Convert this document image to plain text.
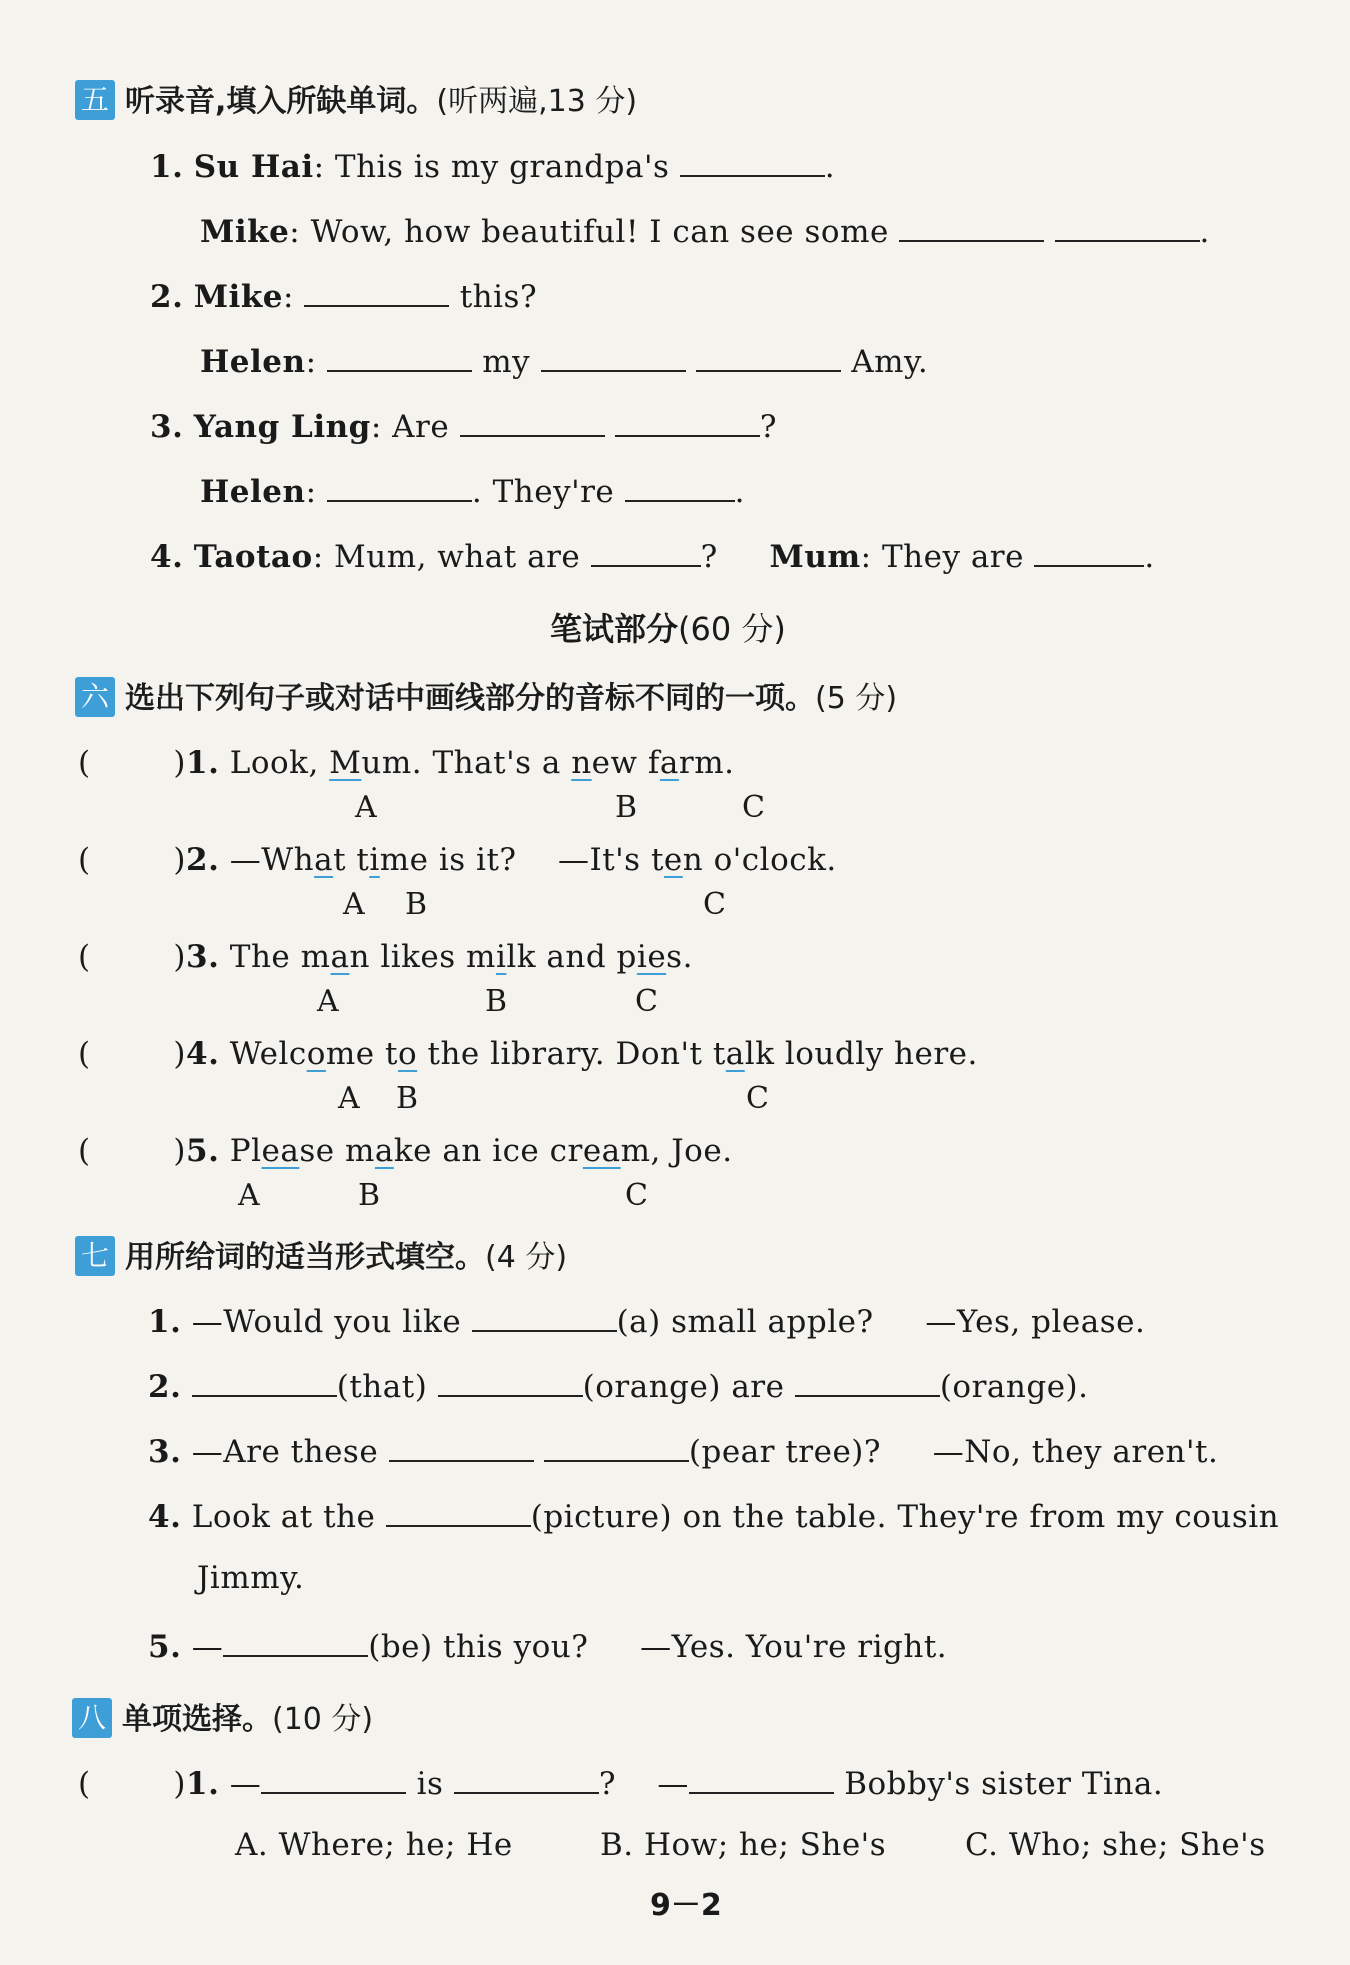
五 听录音,填入所缺单词。(听两遍,13 分)
1. Su Hai: This is my grandpa's	.
Mike: Wow, how beautiful! I can see some	.
2. Mike:	this?
Helen:	my	Amy.
3. Yang Ling: Are	?
Helen:	. They're	.
4. Taotao: Mum, what are	? Mum: They are	.
笔试部分(60 分)
六 选出下列句子或对话中画线部分的音标不同的一项。(5 分)
(        )1. Look, Mum. That's a new farm.
A	B	C
(        )2. —What time is it?    —It's ten o'clock.
A B	C
(        )3. The man likes milk and pies.
A	B	C
(        )4. Welcome to the library. Don't talk loudly here.
A B	C
(        )5. Please make an ice cream, Joe.
A	B	C
七 用所给词的适当形式填空。(4 分)
1. —Would you like	(a) small apple?     —Yes, please.
2.	(that)	(orange) are	(orange).
3. —Are these	(pear tree)?     —No, they aren't.
4. Look at the	(picture) on the table. They're from my cousin
Jimmy.
5. —	(be) this you?     —Yes. You're right.
八 单项选择。(10 分)
(        )1. —	is	?    —	Bobby's sister Tina.
A. Where; he; He	B. How; he; She's	C. Who; she; She's
9－2
